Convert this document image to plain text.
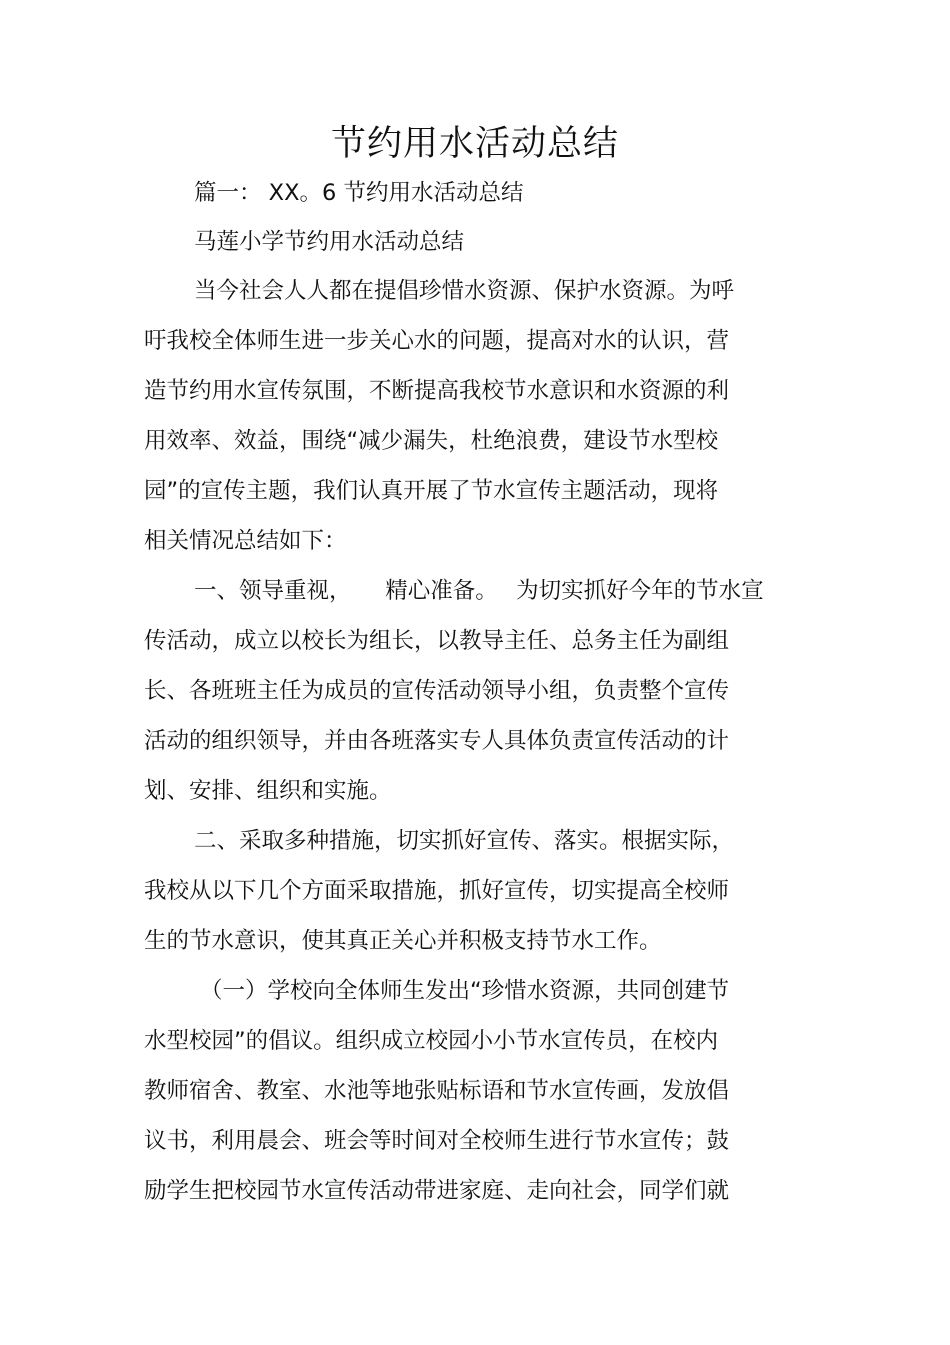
节约用水活动总结

篇一： XX。6 节约用水活动总结

马莲小学节约用水活动总结

当今社会人人都在提倡珍惜水资源、保护水资源。为呼

吁我校全体师生进一步关心水的问题，提高对水的认识，营

造节约用水宣传氛围，不断提高我校节水意识和水资源的利

用效率、效益，围绕“减少漏失，杜绝浪费，建设节水型校

园”的宣传主题，我们认真开展了节水宣传主题活动，现将

相关情况总结如下：

一、领导重视，　　精心准备。　 为切实抓好今年的节水宣

传活动，成立以校长为组长，以教导主任、总务主任为副组

长、各班班主任为成员的宣传活动领导小组，负责整个宣传

活动的组织领导，并由各班落实专人具体负责宣传活动的计

划、安排、组织和实施。

二、采取多种措施，切实抓好宣传、落实。根据实际，

我校从以下几个方面采取措施，抓好宣传，切实提高全校师

生的节水意识，使其真正关心并积极支持节水工作。

（一）学校向全体师生发出“珍惜水资源，共同创建节

水型校园”的倡议。组织成立校园小小节水宣传员，在校内

教师宿舍、教室、水池等地张贴标语和节水宣传画，发放倡

议书，利用晨会、班会等时间对全校师生进行节水宣传；鼓

励学生把校园节水宣传活动带进家庭、走向社会，同学们就
